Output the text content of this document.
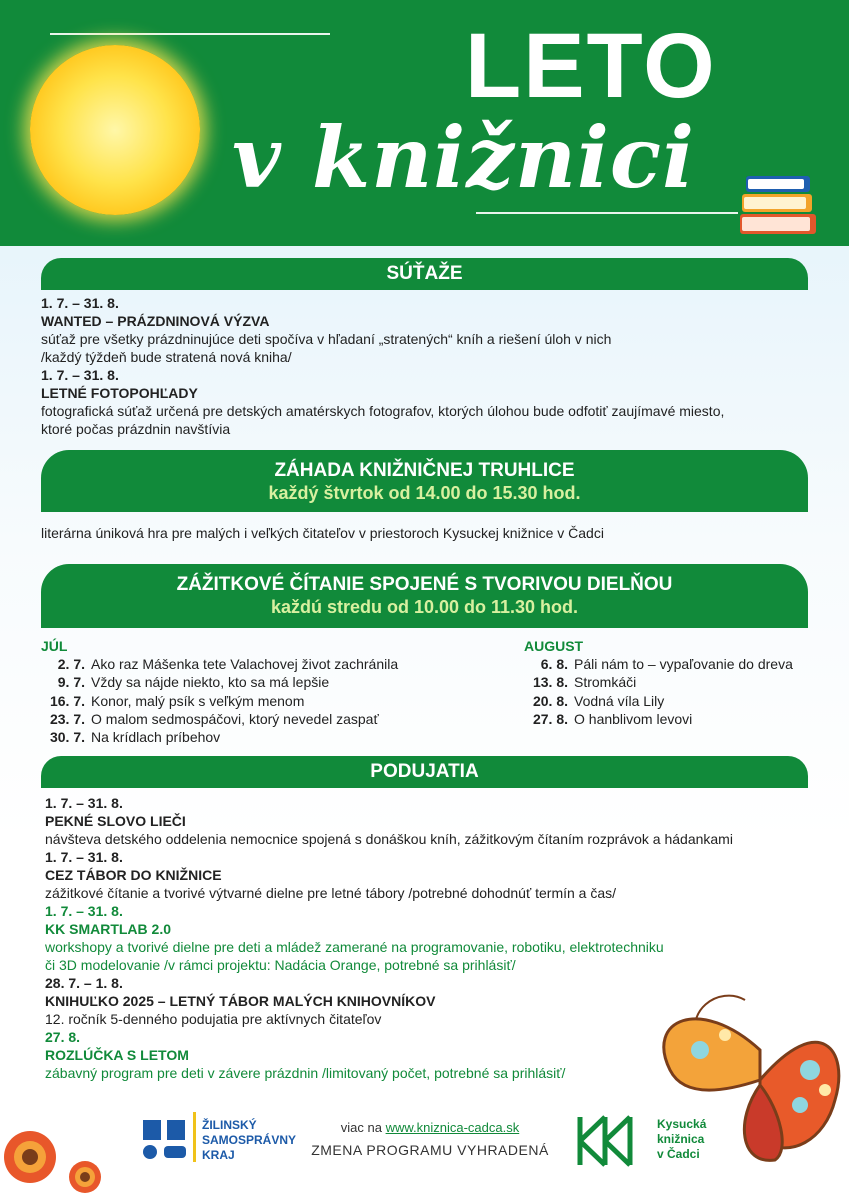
LETO
v knižnici
SÚŤAŽE
1. 7. – 31. 8.
WANTED – PRÁZDNINOVÁ VÝZVA
súťaž pre všetky prázdninujúce deti spočíva v hľadaní „stratených“ kníh a riešení úloh v nich
/každý týždeň bude stratená nová kniha/
1. 7. – 31. 8.
LETNÉ FOTOPOHĽADY
fotografická súťaž určená pre detských amatérskych fotografov, ktorých úlohou bude odfotiť zaujímavé miesto,
ktoré počas prázdnin navštívia
ZÁHADA KNIŽNIČNEJ TRUHLICE
každý štvrtok od 14.00 do 15.30 hod.
literárna úniková hra pre malých i veľkých čitateľov v priestoroch Kysuckej knižnice v Čadci
ZÁŽITKOVÉ ČÍTANIE SPOJENÉ S TVORIVOU DIELŇOU
každú stredu od 10.00 do 11.30 hod.
JÚL
2. 7. Ako raz Mášenka tete Valachovej život zachránila
9. 7. Vždy sa nájde niekto, kto sa má lepšie
16. 7. Konor, malý psík s veľkým menom
23. 7. O malom sedmospáčovi, ktorý nevedel zaspať
30. 7. Na krídlach príbehov
AUGUST
6. 8. Páli nám to – vypaľovanie do dreva
13. 8. Stromkáči
20. 8. Vodná víla Lily
27. 8. O hanblivom levovi
PODUJATIA
1. 7. – 31. 8.
PEKNÉ SLOVO LIEČI
návšteva detského oddelenia nemocnice spojená s donáškou kníh, zážitkovým čítaním rozprávok a hádankami
1. 7. – 31. 8.
CEZ TÁBOR DO KNIŽNICE
zážitkové čítanie a tvorivé výtvarné dielne pre letné tábory /potrebné dohodnúť termín a čas/
1. 7. – 31. 8.
KK SMARTLAB 2.0
workshopy a tvorivé dielne pre deti a mládež zamerané na programovanie, robotiku, elektrotechniku
či 3D modelovanie /v rámci projektu: Nadácia Orange, potrebné sa prihlásiť/
28. 7. – 1. 8.
KNIHUĽKO 2025 – LETNÝ TÁBOR MALÝCH KNIHOVNÍKOV
12. ročník 5-denného podujatia pre aktívnych čitateľov
27. 8.
ROZLÚČKA S LETOM
zábavný program pre deti v závere prázdnin /limitovaný počet, potrebné sa prihlásiť/
ŽILINSKÝ
SAMOSPRÁVNY
KRAJ
viac na www.kniznica-cadca.sk
ZMENA PROGRAMU VYHRADENÁ
Kysucká
knižnica
v Čadci
